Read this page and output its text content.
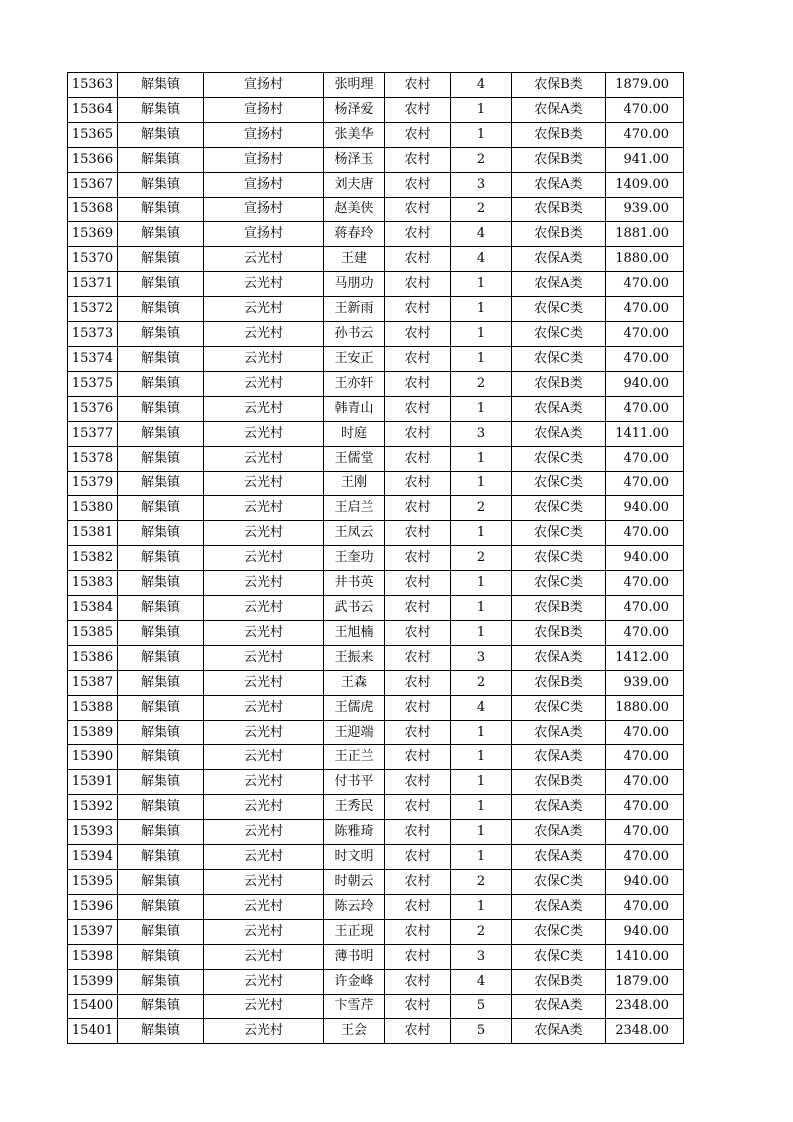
15363	解集镇	宣扬村	张明理	农村	4	农保B类	1879.00
15364	解集镇	宣扬村	杨泽爱	农村	1	农保A类	470.00
15365	解集镇	宣扬村	张美华	农村	1	农保B类	470.00
15366	解集镇	宣扬村	杨泽玉	农村	2	农保B类	941.00
15367	解集镇	宣扬村	刘夫唐	农村	3	农保A类	1409.00
15368	解集镇	宣扬村	赵美侠	农村	2	农保B类	939.00
15369	解集镇	宣扬村	蒋春玲	农村	4	农保B类	1881.00
15370	解集镇	云光村	王建	农村	4	农保A类	1880.00
15371	解集镇	云光村	马朋功	农村	1	农保A类	470.00
15372	解集镇	云光村	王新雨	农村	1	农保C类	470.00
15373	解集镇	云光村	孙书云	农村	1	农保C类	470.00
15374	解集镇	云光村	王安正	农村	1	农保C类	470.00
15375	解集镇	云光村	王亦轩	农村	2	农保B类	940.00
15376	解集镇	云光村	韩青山	农村	1	农保A类	470.00
15377	解集镇	云光村	时庭	农村	3	农保A类	1411.00
15378	解集镇	云光村	王儒堂	农村	1	农保C类	470.00
15379	解集镇	云光村	王刚	农村	1	农保C类	470.00
15380	解集镇	云光村	王启兰	农村	2	农保C类	940.00
15381	解集镇	云光村	王凤云	农村	1	农保C类	470.00
15382	解集镇	云光村	王奎功	农村	2	农保C类	940.00
15383	解集镇	云光村	井书英	农村	1	农保C类	470.00
15384	解集镇	云光村	武书云	农村	1	农保B类	470.00
15385	解集镇	云光村	王旭楠	农村	1	农保B类	470.00
15386	解集镇	云光村	王振来	农村	3	农保A类	1412.00
15387	解集镇	云光村	王森	农村	2	农保B类	939.00
15388	解集镇	云光村	王儒虎	农村	4	农保C类	1880.00
15389	解集镇	云光村	王迎端	农村	1	农保A类	470.00
15390	解集镇	云光村	王正兰	农村	1	农保A类	470.00
15391	解集镇	云光村	付书平	农村	1	农保B类	470.00
15392	解集镇	云光村	王秀民	农村	1	农保A类	470.00
15393	解集镇	云光村	陈雅琦	农村	1	农保A类	470.00
15394	解集镇	云光村	时文明	农村	1	农保A类	470.00
15395	解集镇	云光村	时朝云	农村	2	农保C类	940.00
15396	解集镇	云光村	陈云玲	农村	1	农保A类	470.00
15397	解集镇	云光村	王正现	农村	2	农保C类	940.00
15398	解集镇	云光村	薄书明	农村	3	农保C类	1410.00
15399	解集镇	云光村	许金峰	农村	4	农保B类	1879.00
15400	解集镇	云光村	卞雪芹	农村	5	农保A类	2348.00
15401	解集镇	云光村	王会	农村	5	农保A类	2348.00
